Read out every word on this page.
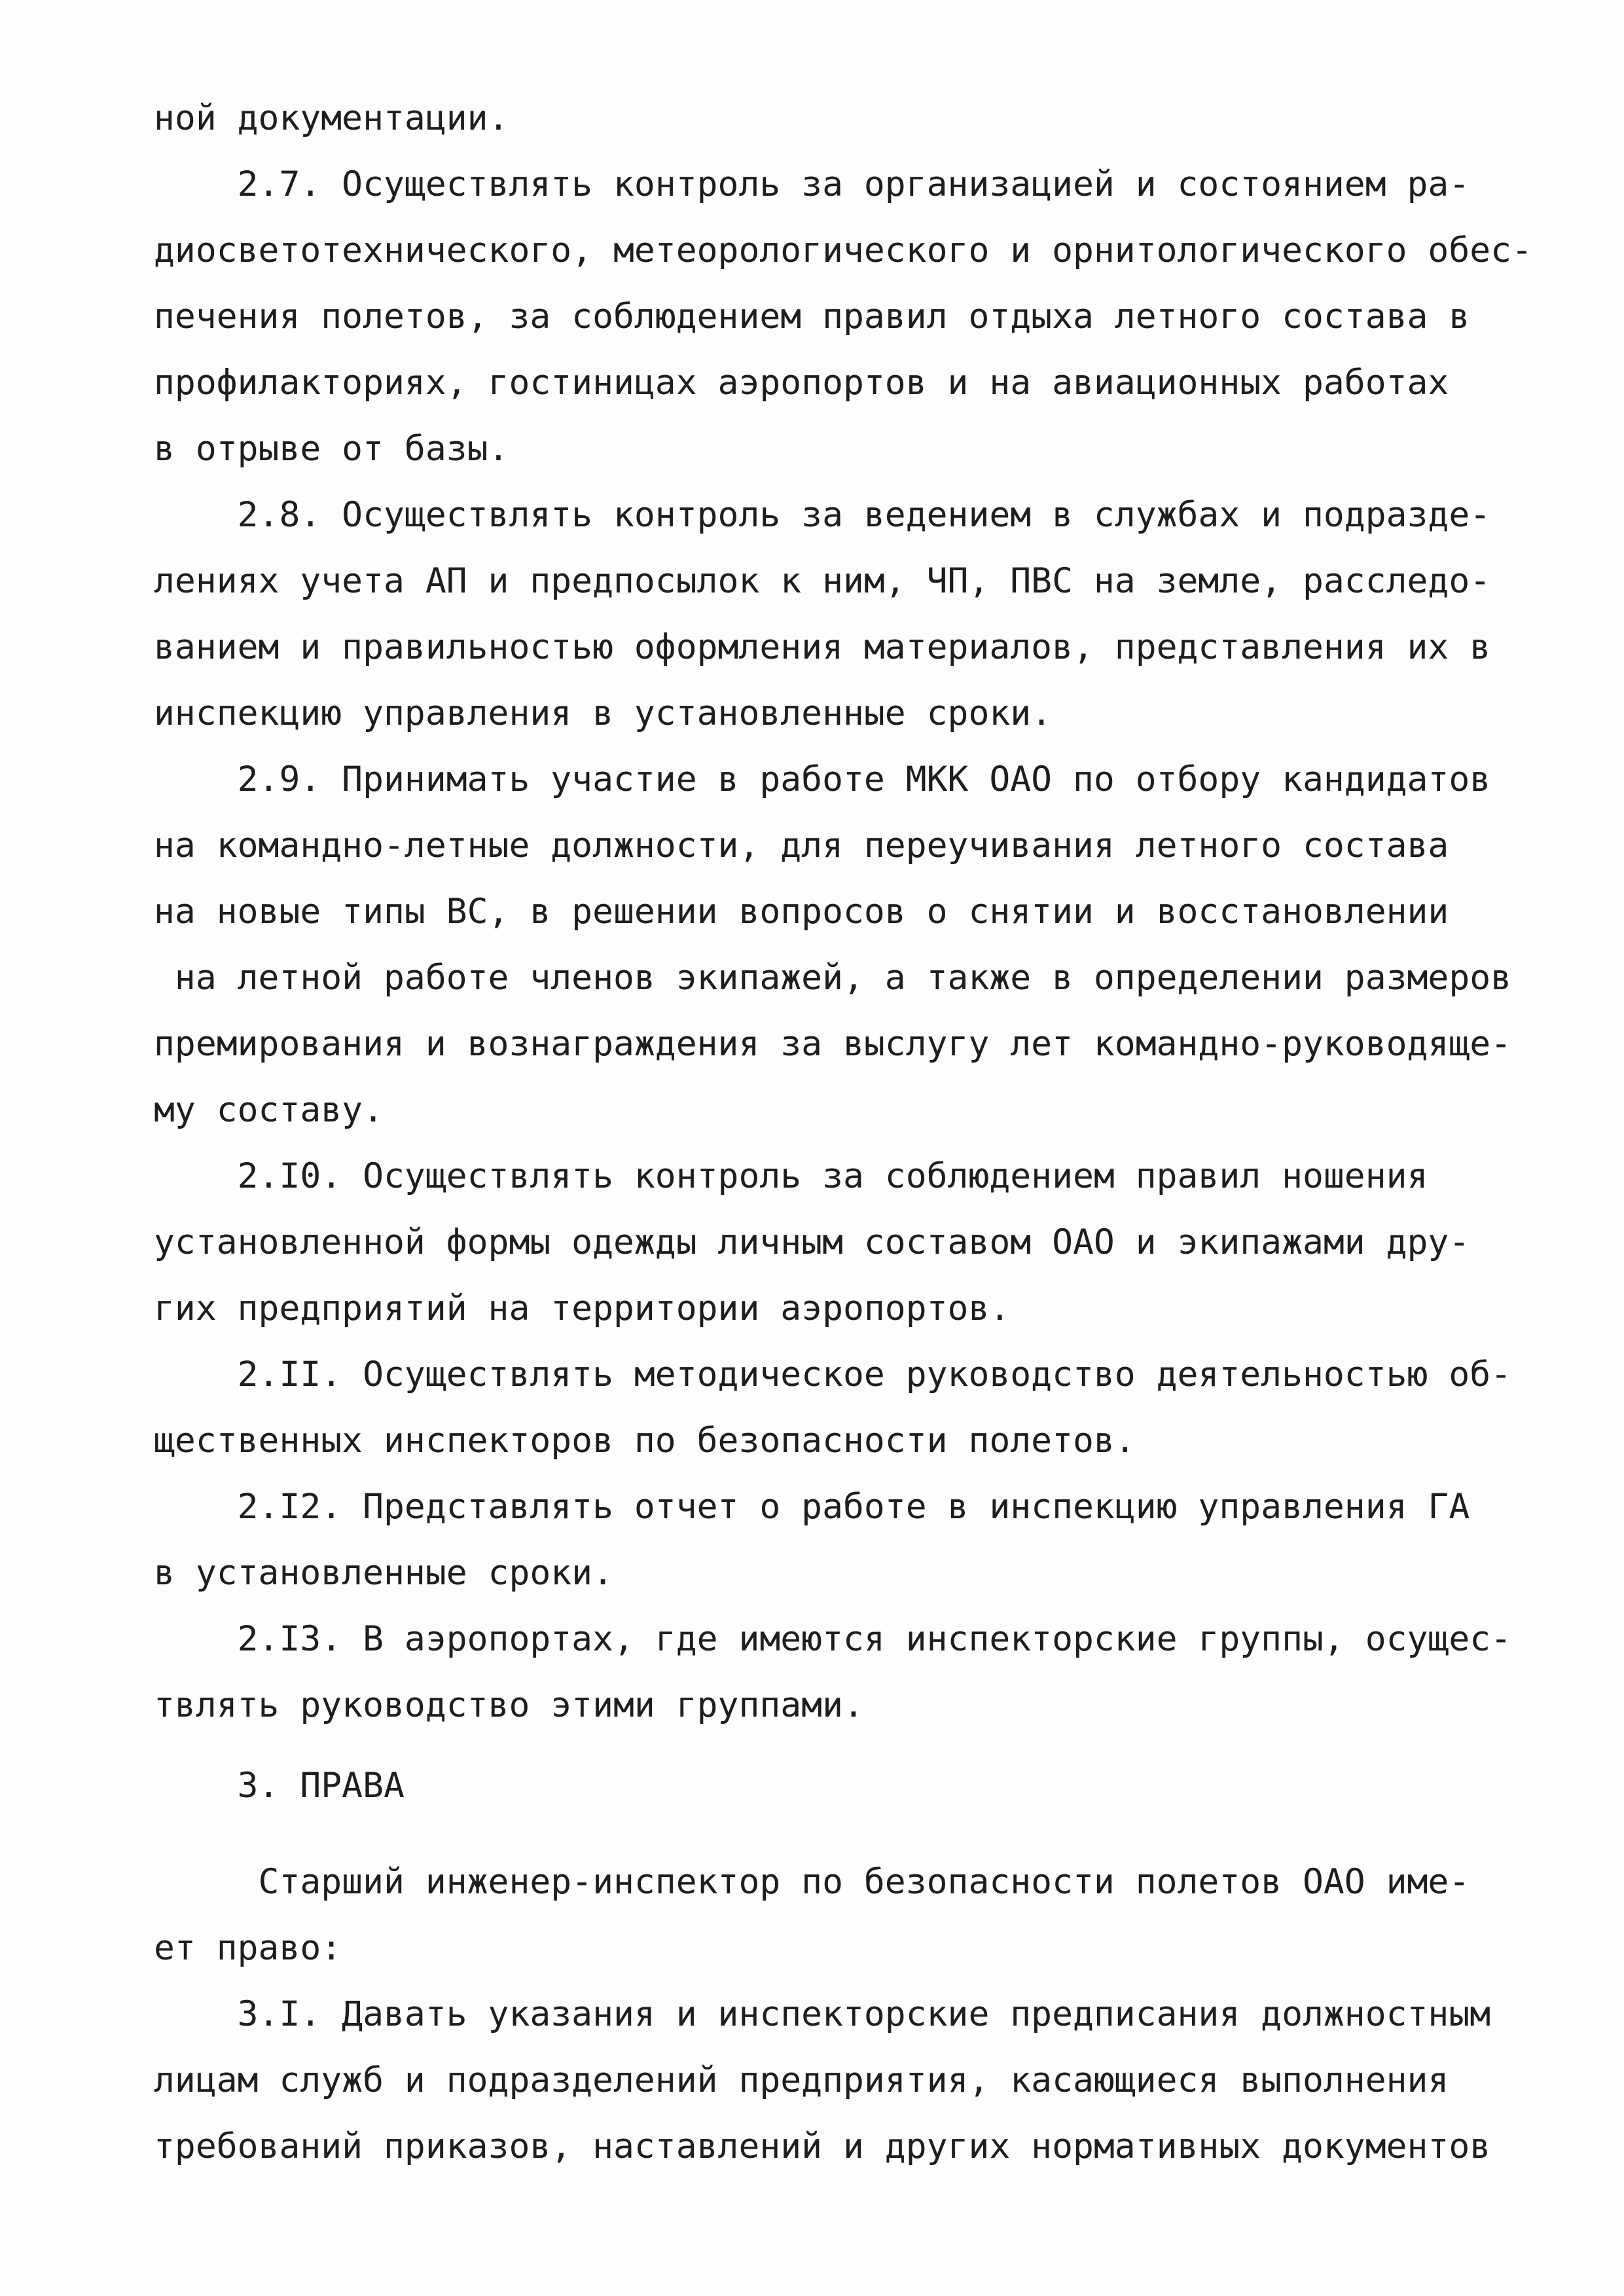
ной документации.
2.7. Осуществлять контроль за организацией и состоянием ра-
диосветотехнического, метеорологического и орнитологического обес-
печения полетов, за соблюдением правил отдыха летного состава в
профилакториях, гостиницах аэропортов и на авиационных работах
в отрыве от базы.
2.8. Осуществлять контроль за ведением в службах и подразде-
лениях учета АП и предпосылок к ним, ЧП, ПВС на земле, расследо-
ванием и правильностью оформления материалов, представления их в
инспекцию управления в установленные сроки.
2.9. Принимать участие в работе МКК ОАО по отбору кандидатов
на командно-летные должности, для переучивания летного состава
на новые типы ВС, в решении вопросов о снятии и восстановлении
на летной работе членов экипажей, а также в определении размеров
премирования и вознаграждения за выслугу лет командно-руководяще-
му составу.
2.I0. Осуществлять контроль за соблюдением правил ношения
установленной формы одежды личным составом ОАО и экипажами дру-
гих предприятий на территории аэропортов.
2.II. Осуществлять методическое руководство деятельностью об-
щественных инспекторов по безопасности полетов.
2.I2. Представлять отчет о работе в инспекцию управления ГА
в установленные сроки.
2.I3. В аэропортах, где имеются инспекторские группы, осущес-
твлять руководство этими группами.
3. ПРАВА
Старший инженер-инспектор по безопасности полетов ОАО име-
ет право:
3.I. Давать указания и инспекторские предписания должностным
лицам служб и подразделений предприятия, касающиеся выполнения
требований приказов, наставлений и других нормативных документов
